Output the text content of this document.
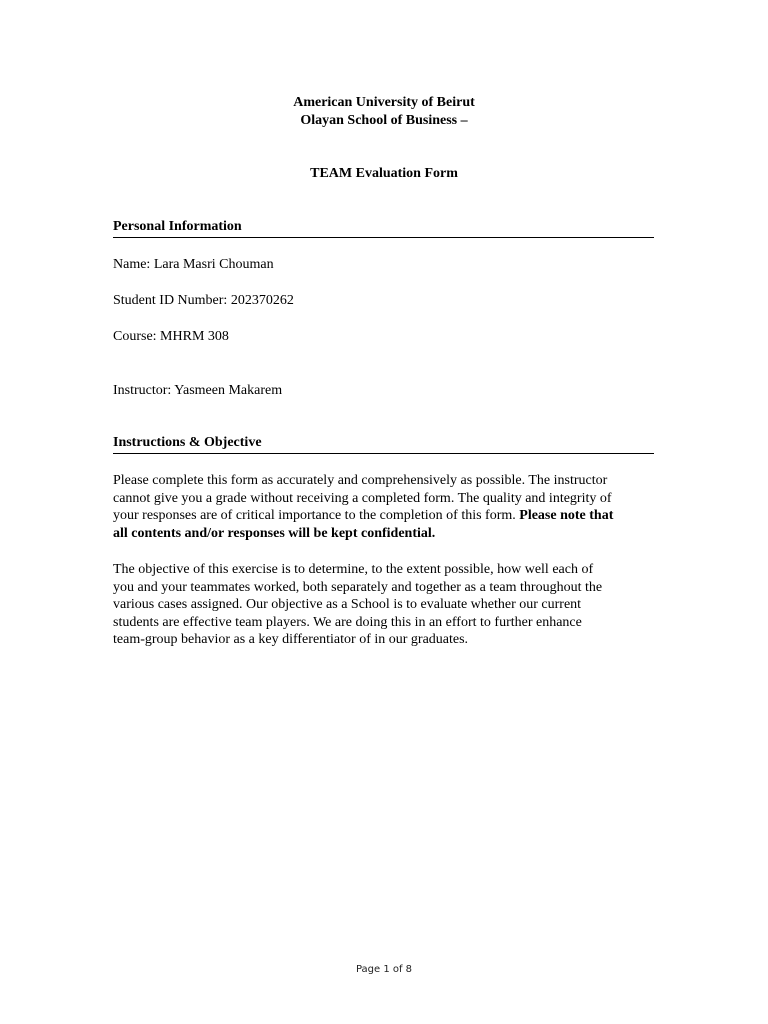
American University of Beirut
Olayan School of Business –
TEAM Evaluation Form
Personal Information
Name: Lara Masri Chouman
Student ID Number: 202370262
Course: MHRM 308
Instructor: Yasmeen Makarem
Instructions & Objective
Please complete this form as accurately and comprehensively as possible. The instructor
cannot give you a grade without receiving a completed form. The quality and integrity of
your responses are of critical importance to the completion of this form. Please note that
all contents and/or responses will be kept confidential.
The objective of this exercise is to determine, to the extent possible, how well each of
you and your teammates worked, both separately and together as a team throughout the
various cases assigned. Our objective as a School is to evaluate whether our current
students are effective team players. We are doing this in an effort to further enhance
team-group behavior as a key differentiator of in our graduates.
Page 1 of 8
